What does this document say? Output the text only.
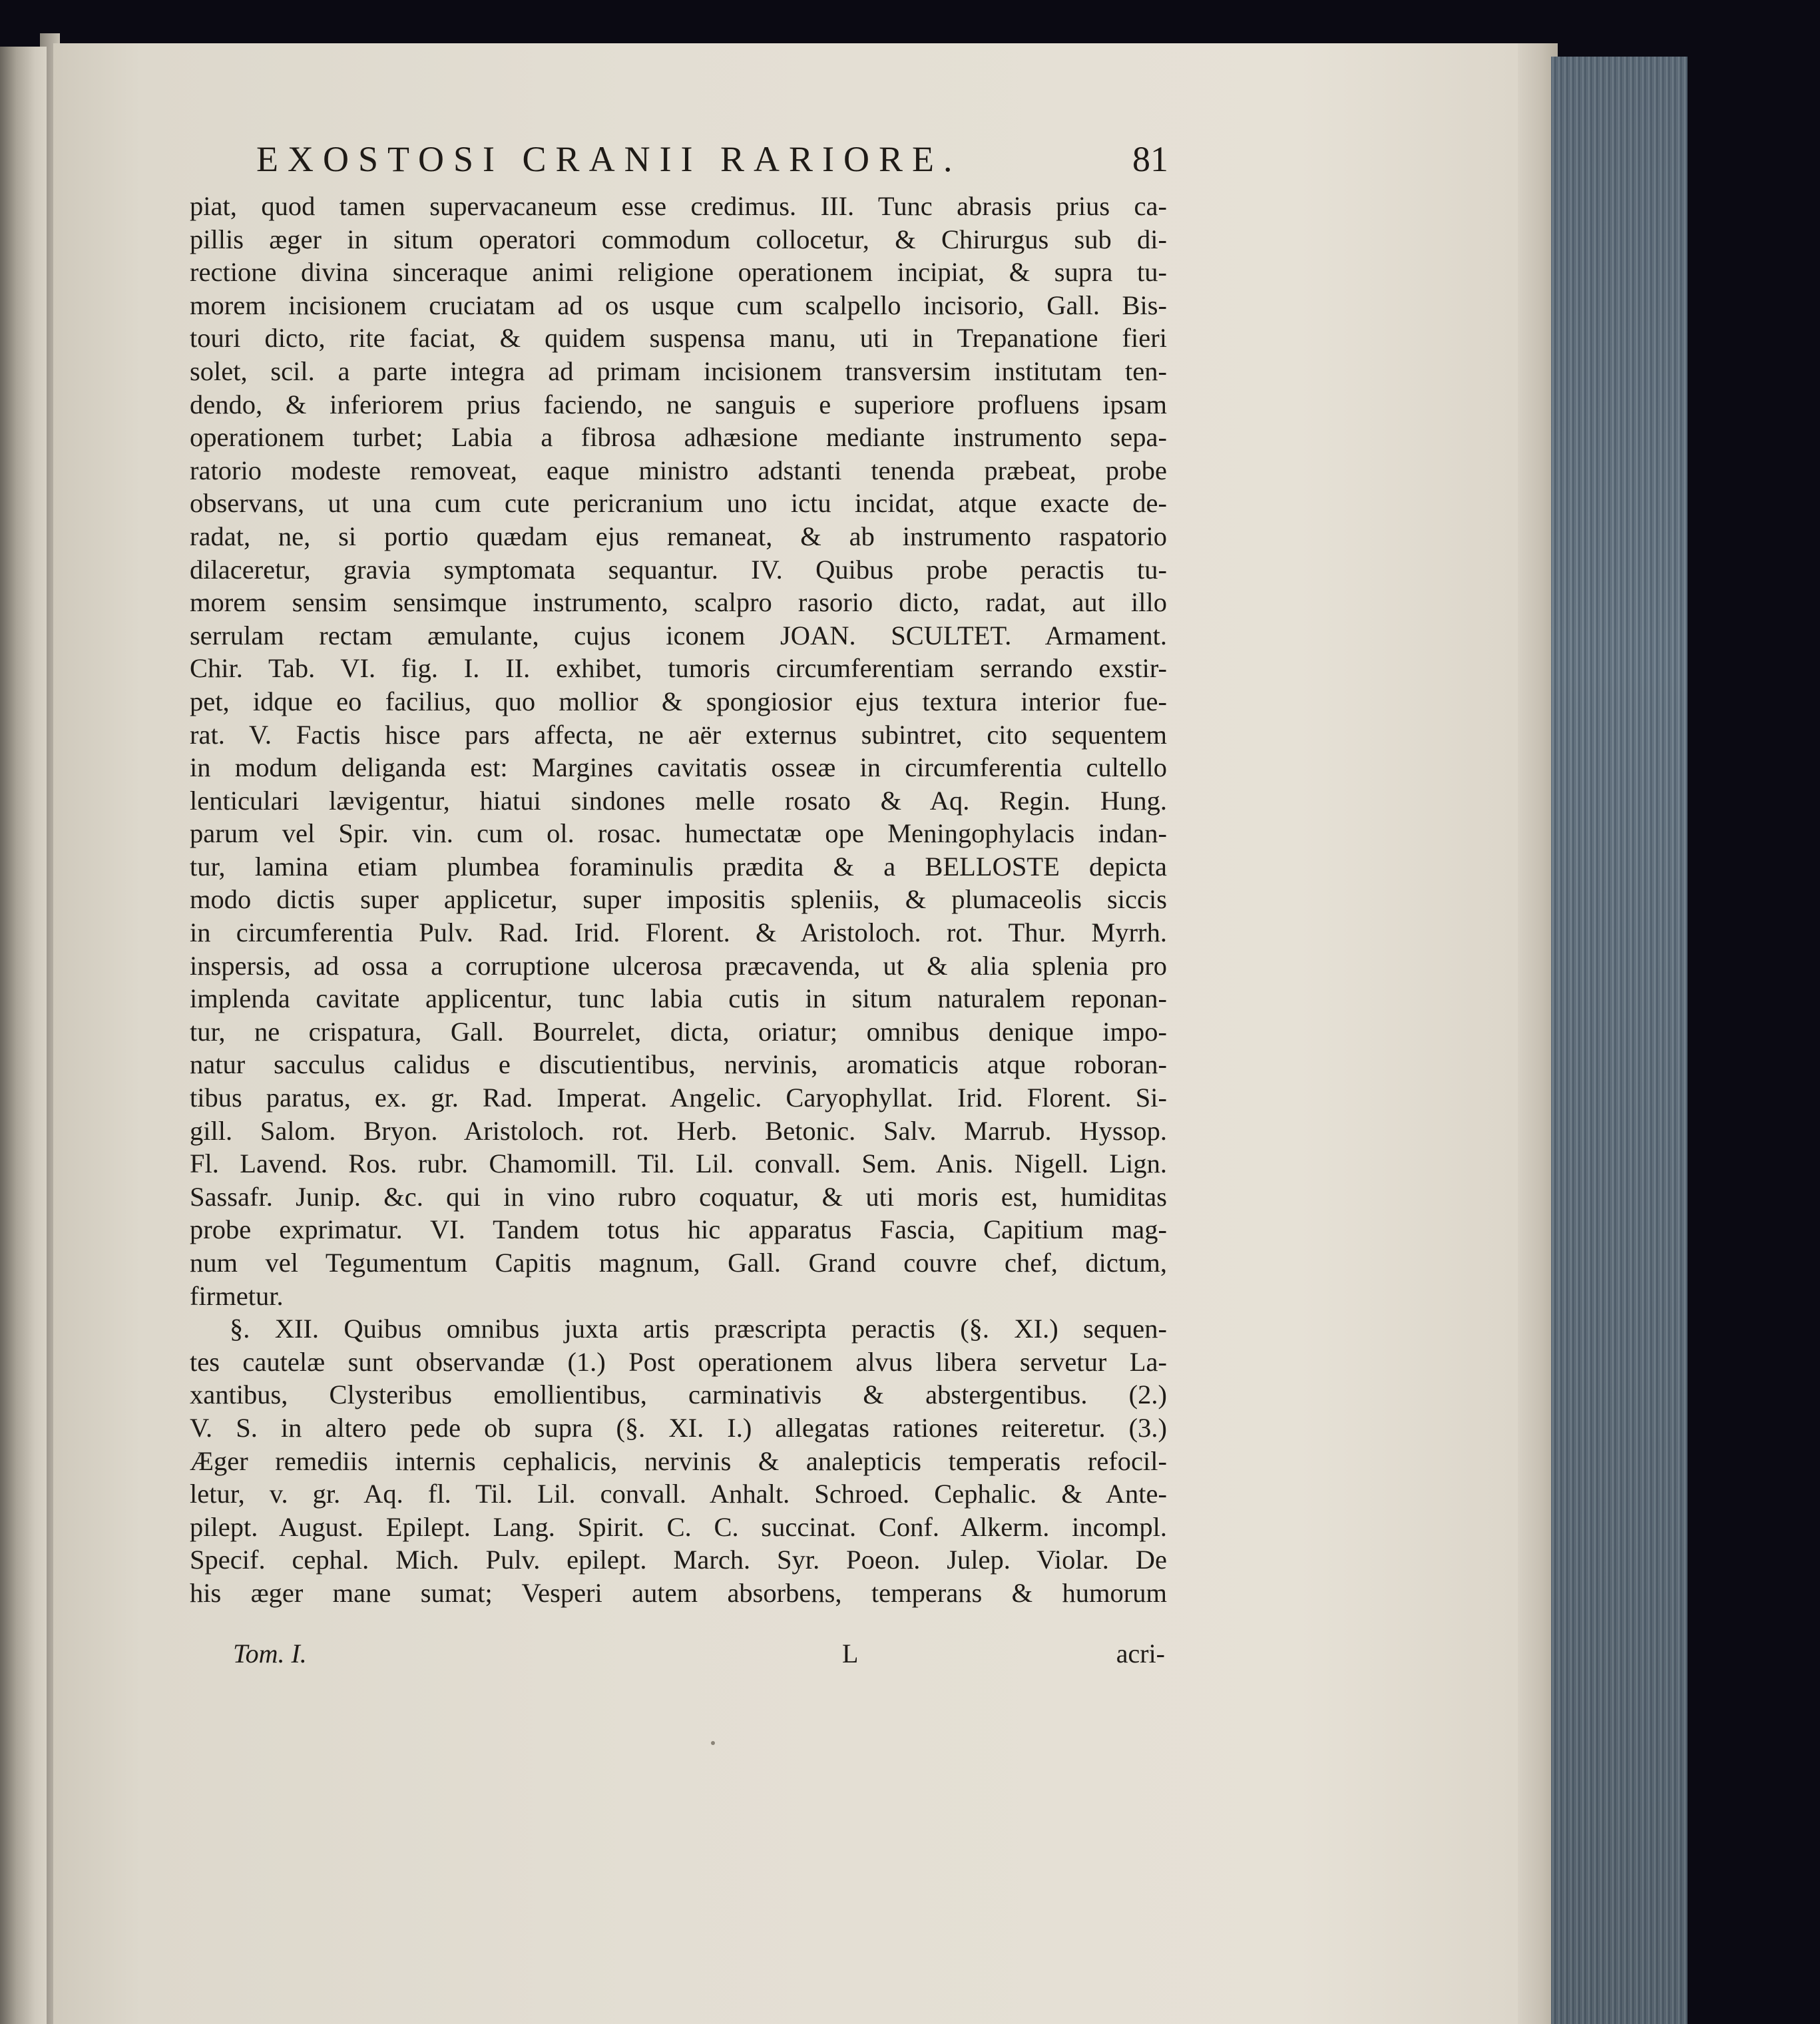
EXOSTOSI CRANII RARIORE.	81
piat, quod tamen supervacaneum esse credimus. III. Tunc abrasis prius ca-
pillis æger in situm operatori commodum collocetur, & Chirurgus sub di-
rectione divina sinceraque animi religione operationem incipiat, & supra tu-
morem incisionem cruciatam ad os usque cum scalpello incisorio, Gall. Bis-
touri dicto, rite faciat, & quidem suspensa manu, uti in Trepanatione fieri
solet, scil. a parte integra ad primam incisionem transversim institutam ten-
dendo, & inferiorem prius faciendo, ne sanguis e superiore profluens ipsam
operationem turbet; Labia a fibrosa adhæsione mediante instrumento sepa-
ratorio modeste removeat, eaque ministro adstanti tenenda præbeat, probe
observans, ut una cum cute pericranium uno ictu incidat, atque exacte de-
radat, ne, si portio quædam ejus remaneat, & ab instrumento raspatorio
dilaceretur, gravia symptomata sequantur. IV. Quibus probe peractis tu-
morem sensim sensimque instrumento, scalpro rasorio dicto, radat, aut illo
serrulam rectam æmulante, cujus iconem JOAN. SCULTET. Armament.
Chir. Tab. VI. fig. I. II. exhibet, tumoris circumferentiam serrando exstir-
pet, idque eo facilius, quo mollior & spongiosior ejus textura interior fue-
rat. V. Factis hisce pars affecta, ne aër externus subintret, cito sequentem
in modum deliganda est: Margines cavitatis osseæ in circumferentia cultello
lenticulari lævigentur, hiatui sindones melle rosato & Aq. Regin. Hung.
parum vel Spir. vin. cum ol. rosac. humectatæ ope Meningophylacis indan-
tur, lamina etiam plumbea foraminulis prædita & a BELLOSTE depicta
modo dictis super applicetur, super impositis spleniis, & plumaceolis siccis
in circumferentia Pulv. Rad. Irid. Florent. & Aristoloch. rot. Thur. Myrrh.
inspersis, ad ossa a corruptione ulcerosa præcavenda, ut & alia splenia pro
implenda cavitate applicentur, tunc labia cutis in situm naturalem reponan-
tur, ne crispatura, Gall. Bourrelet, dicta, oriatur; omnibus denique impo-
natur sacculus calidus e discutientibus, nervinis, aromaticis atque roboran-
tibus paratus, ex. gr. Rad. Imperat. Angelic. Caryophyllat. Irid. Florent. Si-
gill. Salom. Bryon. Aristoloch. rot. Herb. Betonic. Salv. Marrub. Hyssop.
Fl. Lavend. Ros. rubr. Chamomill. Til. Lil. convall. Sem. Anis. Nigell. Lign.
Sassafr. Junip. &c. qui in vino rubro coquatur, & uti moris est, humiditas
probe exprimatur. VI. Tandem totus hic apparatus Fascia, Capitium mag-
num vel Tegumentum Capitis magnum, Gall. Grand couvre chef, dictum,
firmetur.
§. XII. Quibus omnibus juxta artis præscripta peractis (§. XI.) sequen-
tes cautelæ sunt observandæ (1.) Post operationem alvus libera servetur La-
xantibus, Clysteribus emollientibus, carminativis & abstergentibus. (2.)
V. S. in altero pede ob supra (§. XI. I.) allegatas rationes reiteretur. (3.)
Æger remediis internis cephalicis, nervinis & analepticis temperatis refocil-
letur, v. gr. Aq. fl. Til. Lil. convall. Anhalt. Schroed. Cephalic. & Ante-
pilept. August. Epilept. Lang. Spirit. C. C. succinat. Conf. Alkerm. incompl.
Specif. cephal. Mich. Pulv. epilept. March. Syr. Poeon. Julep. Violar. De
his æger mane sumat; Vesperi autem absorbens, temperans & humorum
Tom. I.	L	acri-
